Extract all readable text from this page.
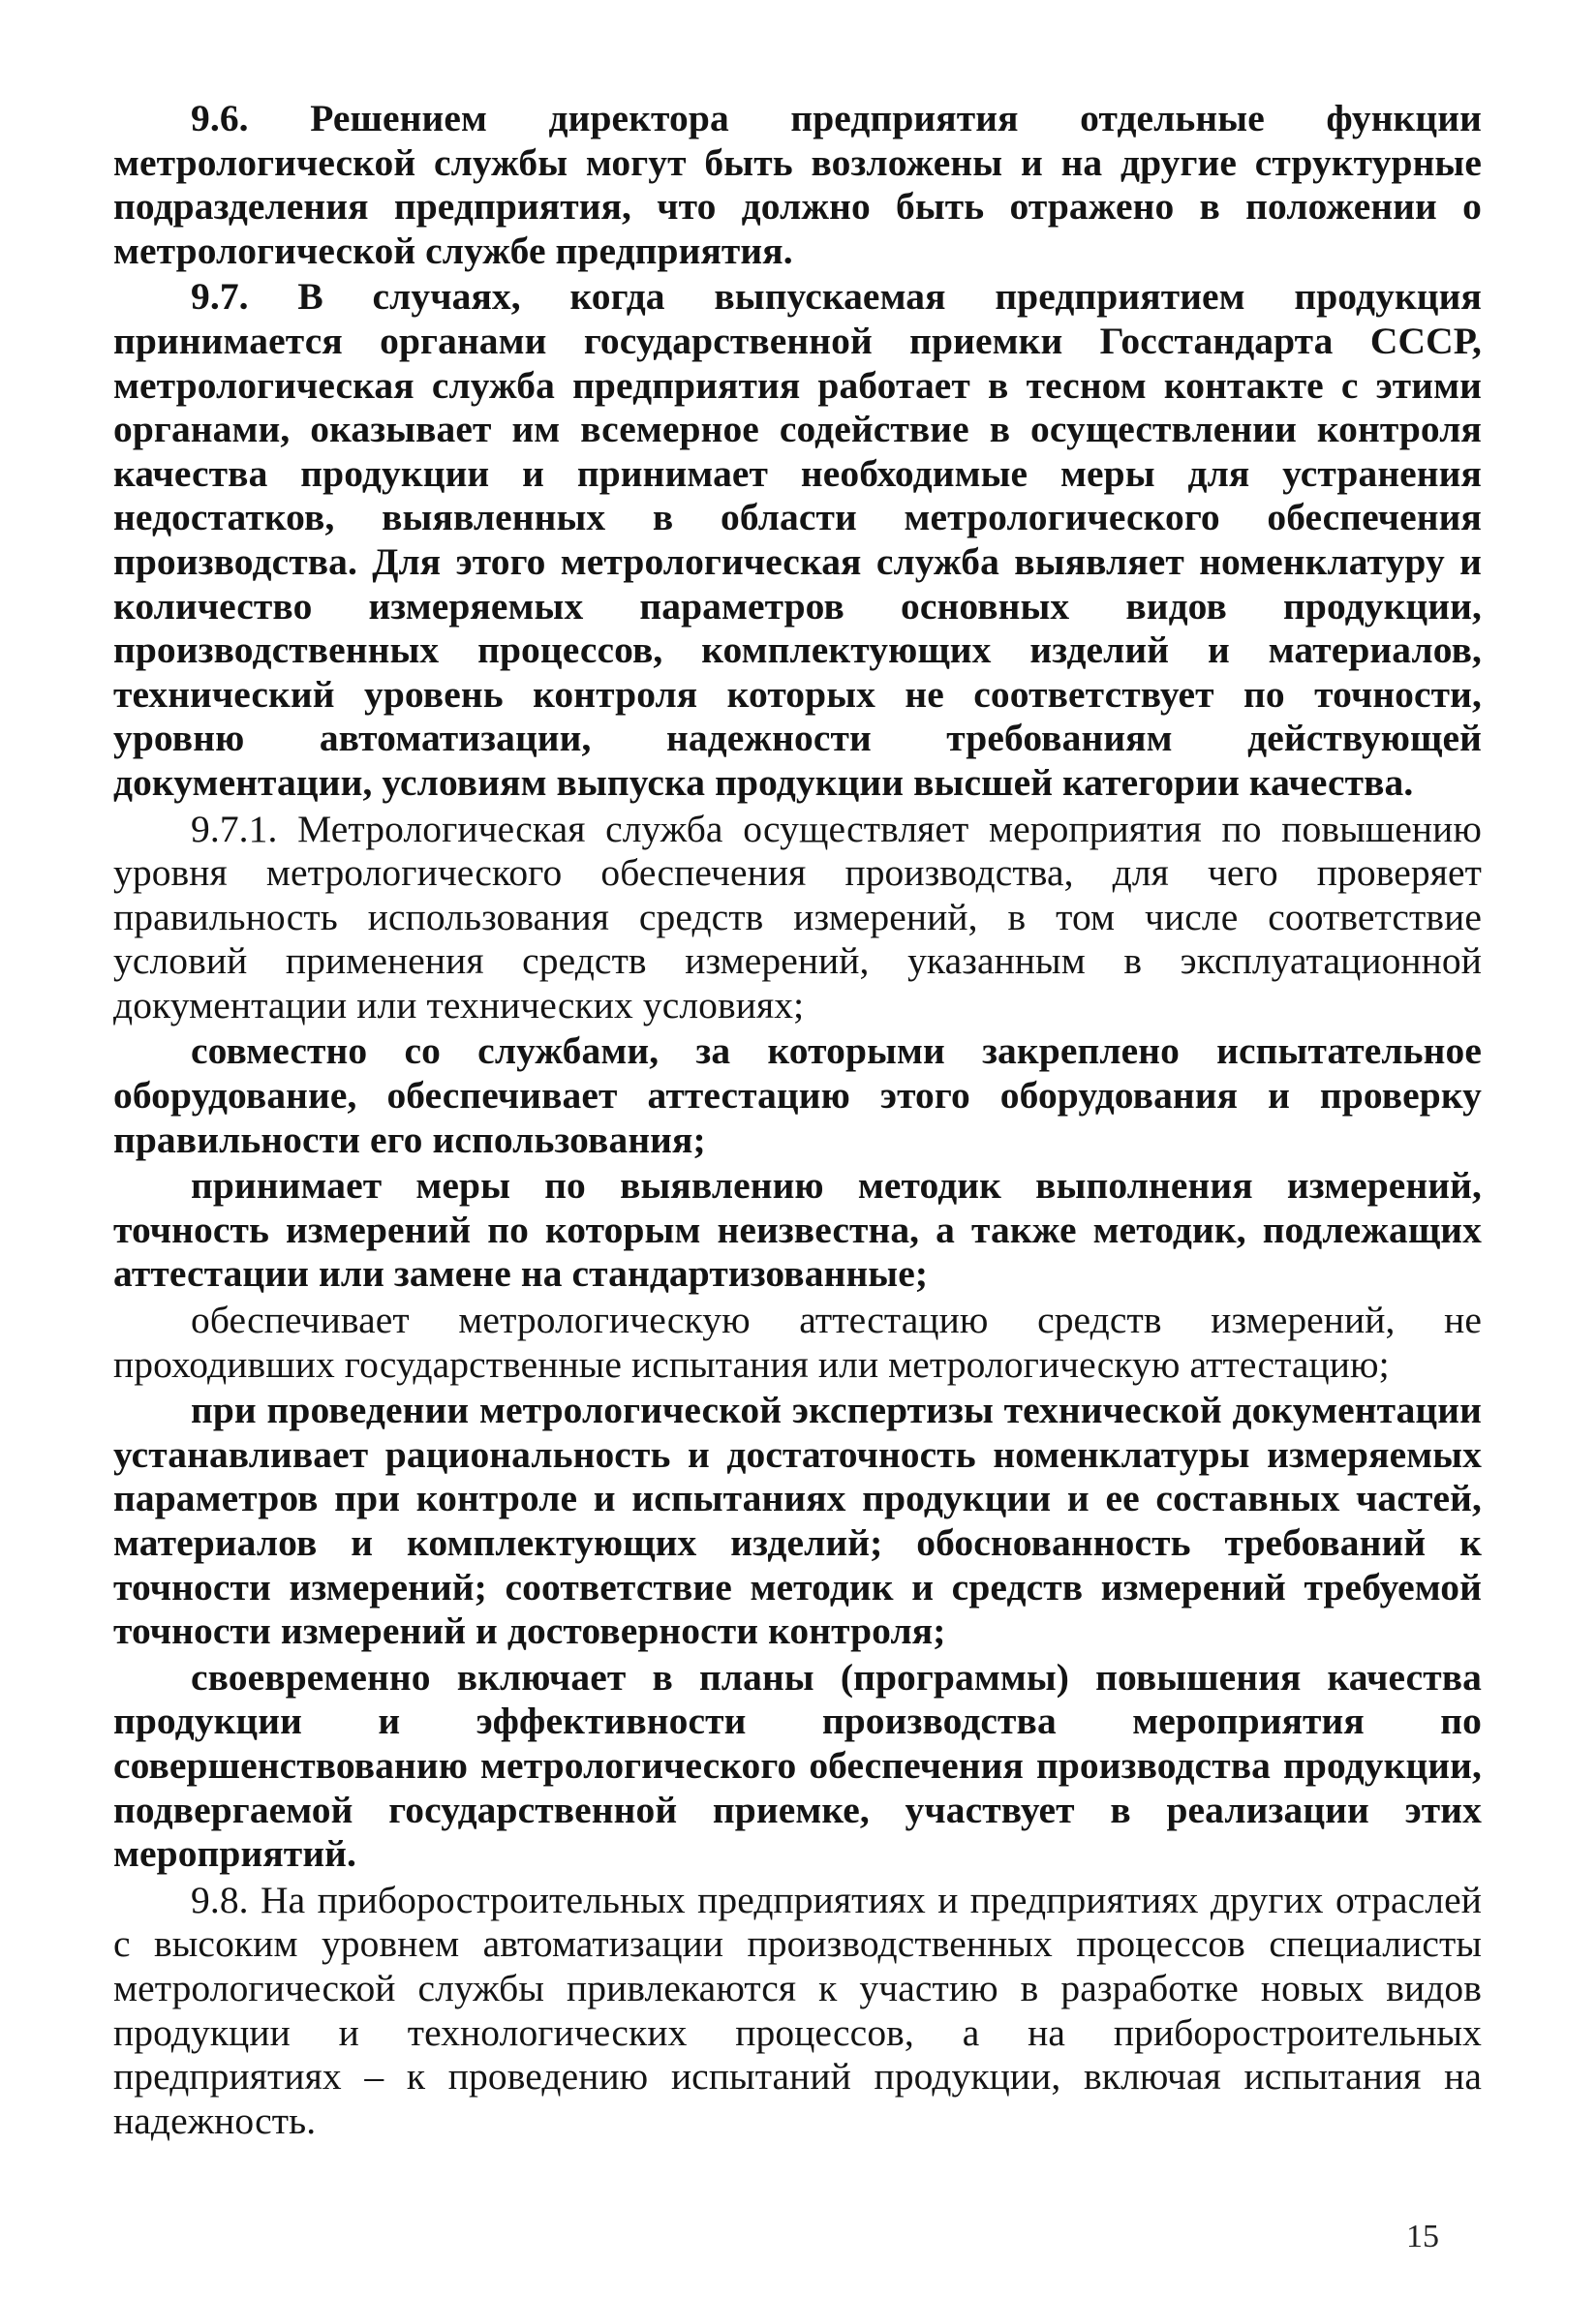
9.6. Решением директора предприятия отдельные функции метрологической службы могут быть возложены и на другие структурные подразделения предприятия, что должно быть отражено в положении о метрологической службе предприятия.

9.7. В случаях, когда выпускаемая предприятием продукция принимается органами государственной приемки Госстандарта СССР, метрологическая служба предприятия работает в тесном контакте с этими органами, оказывает им всемерное содействие в осуществлении контроля качества продукции и принимает необходимые меры для устранения недостатков, выявленных в области метрологического обеспечения производства. Для этого метрологическая служба выявляет номенклатуру и количество измеряемых параметров основных видов продукции, производственных процессов, комплектующих изделий и материалов, технический уровень контроля которых не соответствует по точности, уровню автоматизации, надежности требованиям действующей документации, условиям выпуска продукции высшей категории качества.

9.7.1. Метрологическая служба осуществляет мероприятия по повышению уровня метрологического обеспечения производства, для чего проверяет правильность использования средств измерений, в том числе соответствие условий применения средств измерений, указанным в эксплуатационной документации или технических условиях;

совместно со службами, за которыми закреплено испытательное оборудование, обеспечивает аттестацию этого оборудования и проверку правильности его использования;

принимает меры по выявлению методик выполнения измерений, точность измерений по которым неизвестна, а также методик, подлежащих аттестации или замене на стандартизованные;

обеспечивает метрологическую аттестацию средств измерений, не проходивших государственные испытания или метрологическую аттестацию;

при проведении метрологической экспертизы технической документации устанавливает рациональность и достаточность номенклатуры измеряемых параметров при контроле и испытаниях продукции и ее составных частей, материалов и комплектующих изделий; обоснованность требований к точности измерений; соответствие методик и средств измерений требуемой точности измерений и достоверности контроля;

своевременно включает в планы (программы) повышения качества продукции и эффективности производства мероприятия по совершенствованию метрологического обеспечения производства продукции, подвергаемой государственной приемке, участвует в реализации этих мероприятий.

9.8. На приборостроительных предприятиях и предприятиях других отраслей с высоким уровнем автоматизации производственных процессов специалисты метрологической службы привлекаются к участию в разработке новых видов продукции и технологических процессов, а на приборостроительных предприятиях – к проведению испытаний продукции, включая испытания на надежность.

15
